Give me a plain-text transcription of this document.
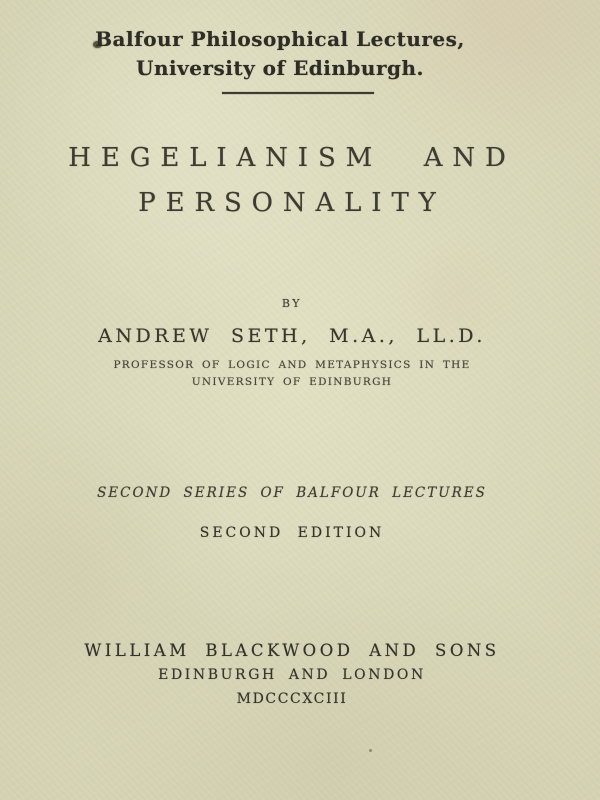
Balfour Philosophical Lectures,
University of Edinburgh.
HEGELIANISM AND
PERSONALITY
BY
ANDREW SETH, M.A., LL.D.
PROFESSOR OF LOGIC AND METAPHYSICS IN THE
UNIVERSITY OF EDINBURGH
SECOND SERIES OF BALFOUR LECTURES
SECOND EDITION
WILLIAM BLACKWOOD AND SONS
EDINBURGH AND LONDON
MDCCCXCIII
